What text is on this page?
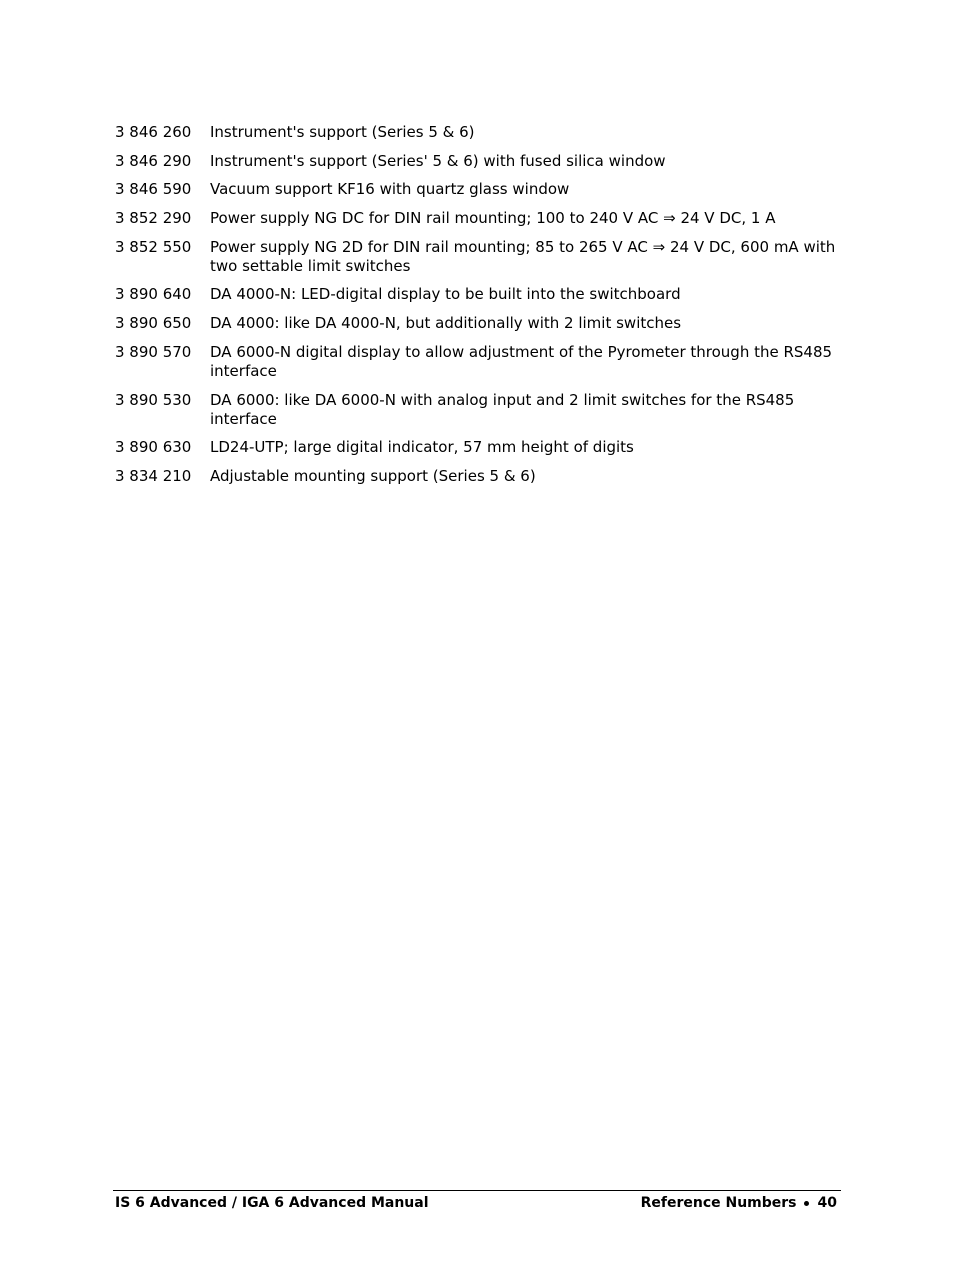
3 846 260	Instrument's support (Series 5 & 6)
3 846 290	Instrument's support (Series' 5 & 6) with fused silica window
3 846 590	Vacuum support KF16 with quartz glass window
3 852 290	Power supply NG DC for DIN rail mounting; 100 to 240 V AC ⇒ 24 V DC, 1 A
3 852 550	Power supply NG 2D for DIN rail mounting; 85 to 265 V AC ⇒ 24 V DC, 600 mA with two settable limit switches
3 890 640	DA 4000-N: LED-digital display to be built into the switchboard
3 890 650	DA 4000: like DA 4000-N, but additionally with 2 limit switches
3 890 570	DA 6000-N digital display to allow adjustment of the Pyrometer through the RS485 interface
3 890 530	DA 6000: like DA 6000-N with analog input and 2 limit switches for the RS485 interface
3 890 630	LD24-UTP; large digital indicator, 57 mm height of digits
3 834 210	Adjustable mounting support (Series 5 & 6)
IS 6 Advanced / IGA 6 Advanced Manual	Reference Numbers 40
